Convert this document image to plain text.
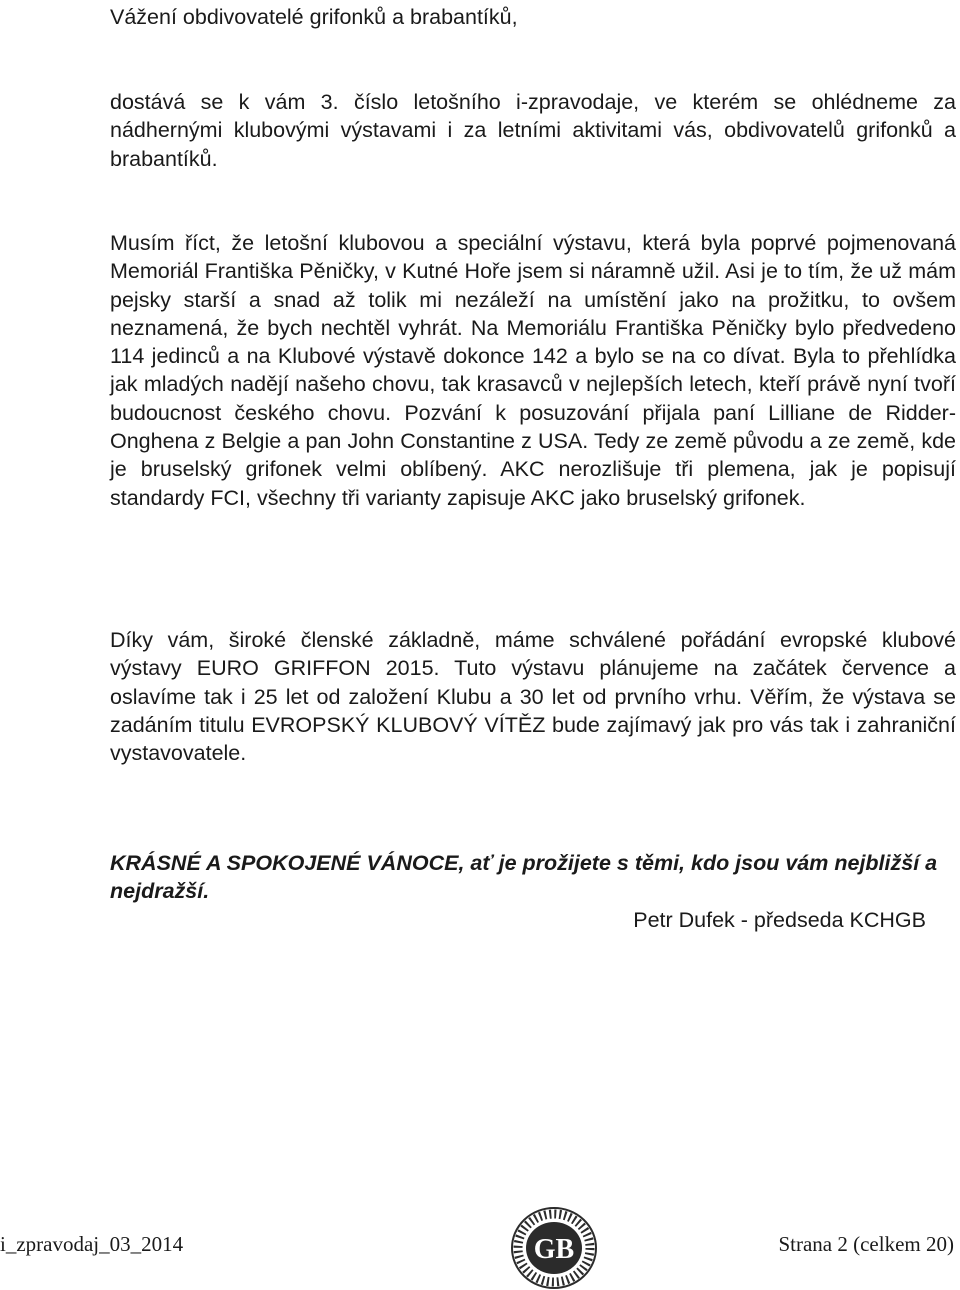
Vážení obdivovatelé grifonků a brabantíků,

dostává se k vám 3. číslo letošního i-zpravodaje, ve kterém se ohlédneme za nádhernými klubovými výstavami i za letními aktivitami vás, obdivovatelů grifonků a brabantíků.

Musím říct, že letošní klubovou a speciální výstavu, která byla poprvé pojmenovaná Memoriál Františka Pěničky, v Kutné Hoře jsem si náramně užil. Asi je to tím, že už mám pejsky starší a snad až tolik mi nezáleží na umístění jako na prožitku, to ovšem neznamená, že bych nechtěl vyhrát. Na Memoriálu Františka Pěničky bylo předvedeno 114 jedinců a na Klubové výstavě dokonce 142 a bylo se na co dívat. Byla to přehlídka jak mladých nadějí našeho chovu, tak krasavců v nejlepších letech, kteří právě nyní tvoří budoucnost českého chovu. Pozvání k posuzování přijala paní Lilliane de Ridder-Onghena z Belgie a pan John Constantine z USA. Tedy ze země původu a ze země, kde je bruselský grifonek velmi oblíbený. AKC nerozlišuje tři plemena, jak je popisují standardy FCI, všechny tři varianty zapisuje AKC jako bruselský grifonek.

Díky vám, široké členské základně, máme schválené pořádání evropské klubové výstavy EURO GRIFFON 2015. Tuto výstavu plánujeme na začátek července a oslavíme tak i 25 let od založení Klubu a 30 let od prvního vrhu. Věřím, že výstava se zadáním titulu EVROPSKÝ KLUBOVÝ VÍTĚZ bude zajímavý jak pro vás tak i zahraniční vystavovatele.

KRÁSNÉ A SPOKOJENÉ VÁNOCE, ať je prožijete s těmi, kdo jsou vám nejbližší a nejdražší.

Petr Dufek - předseda KCHGB

i_zpravodaj_03_2014	GB	Strana 2 (celkem 20)
